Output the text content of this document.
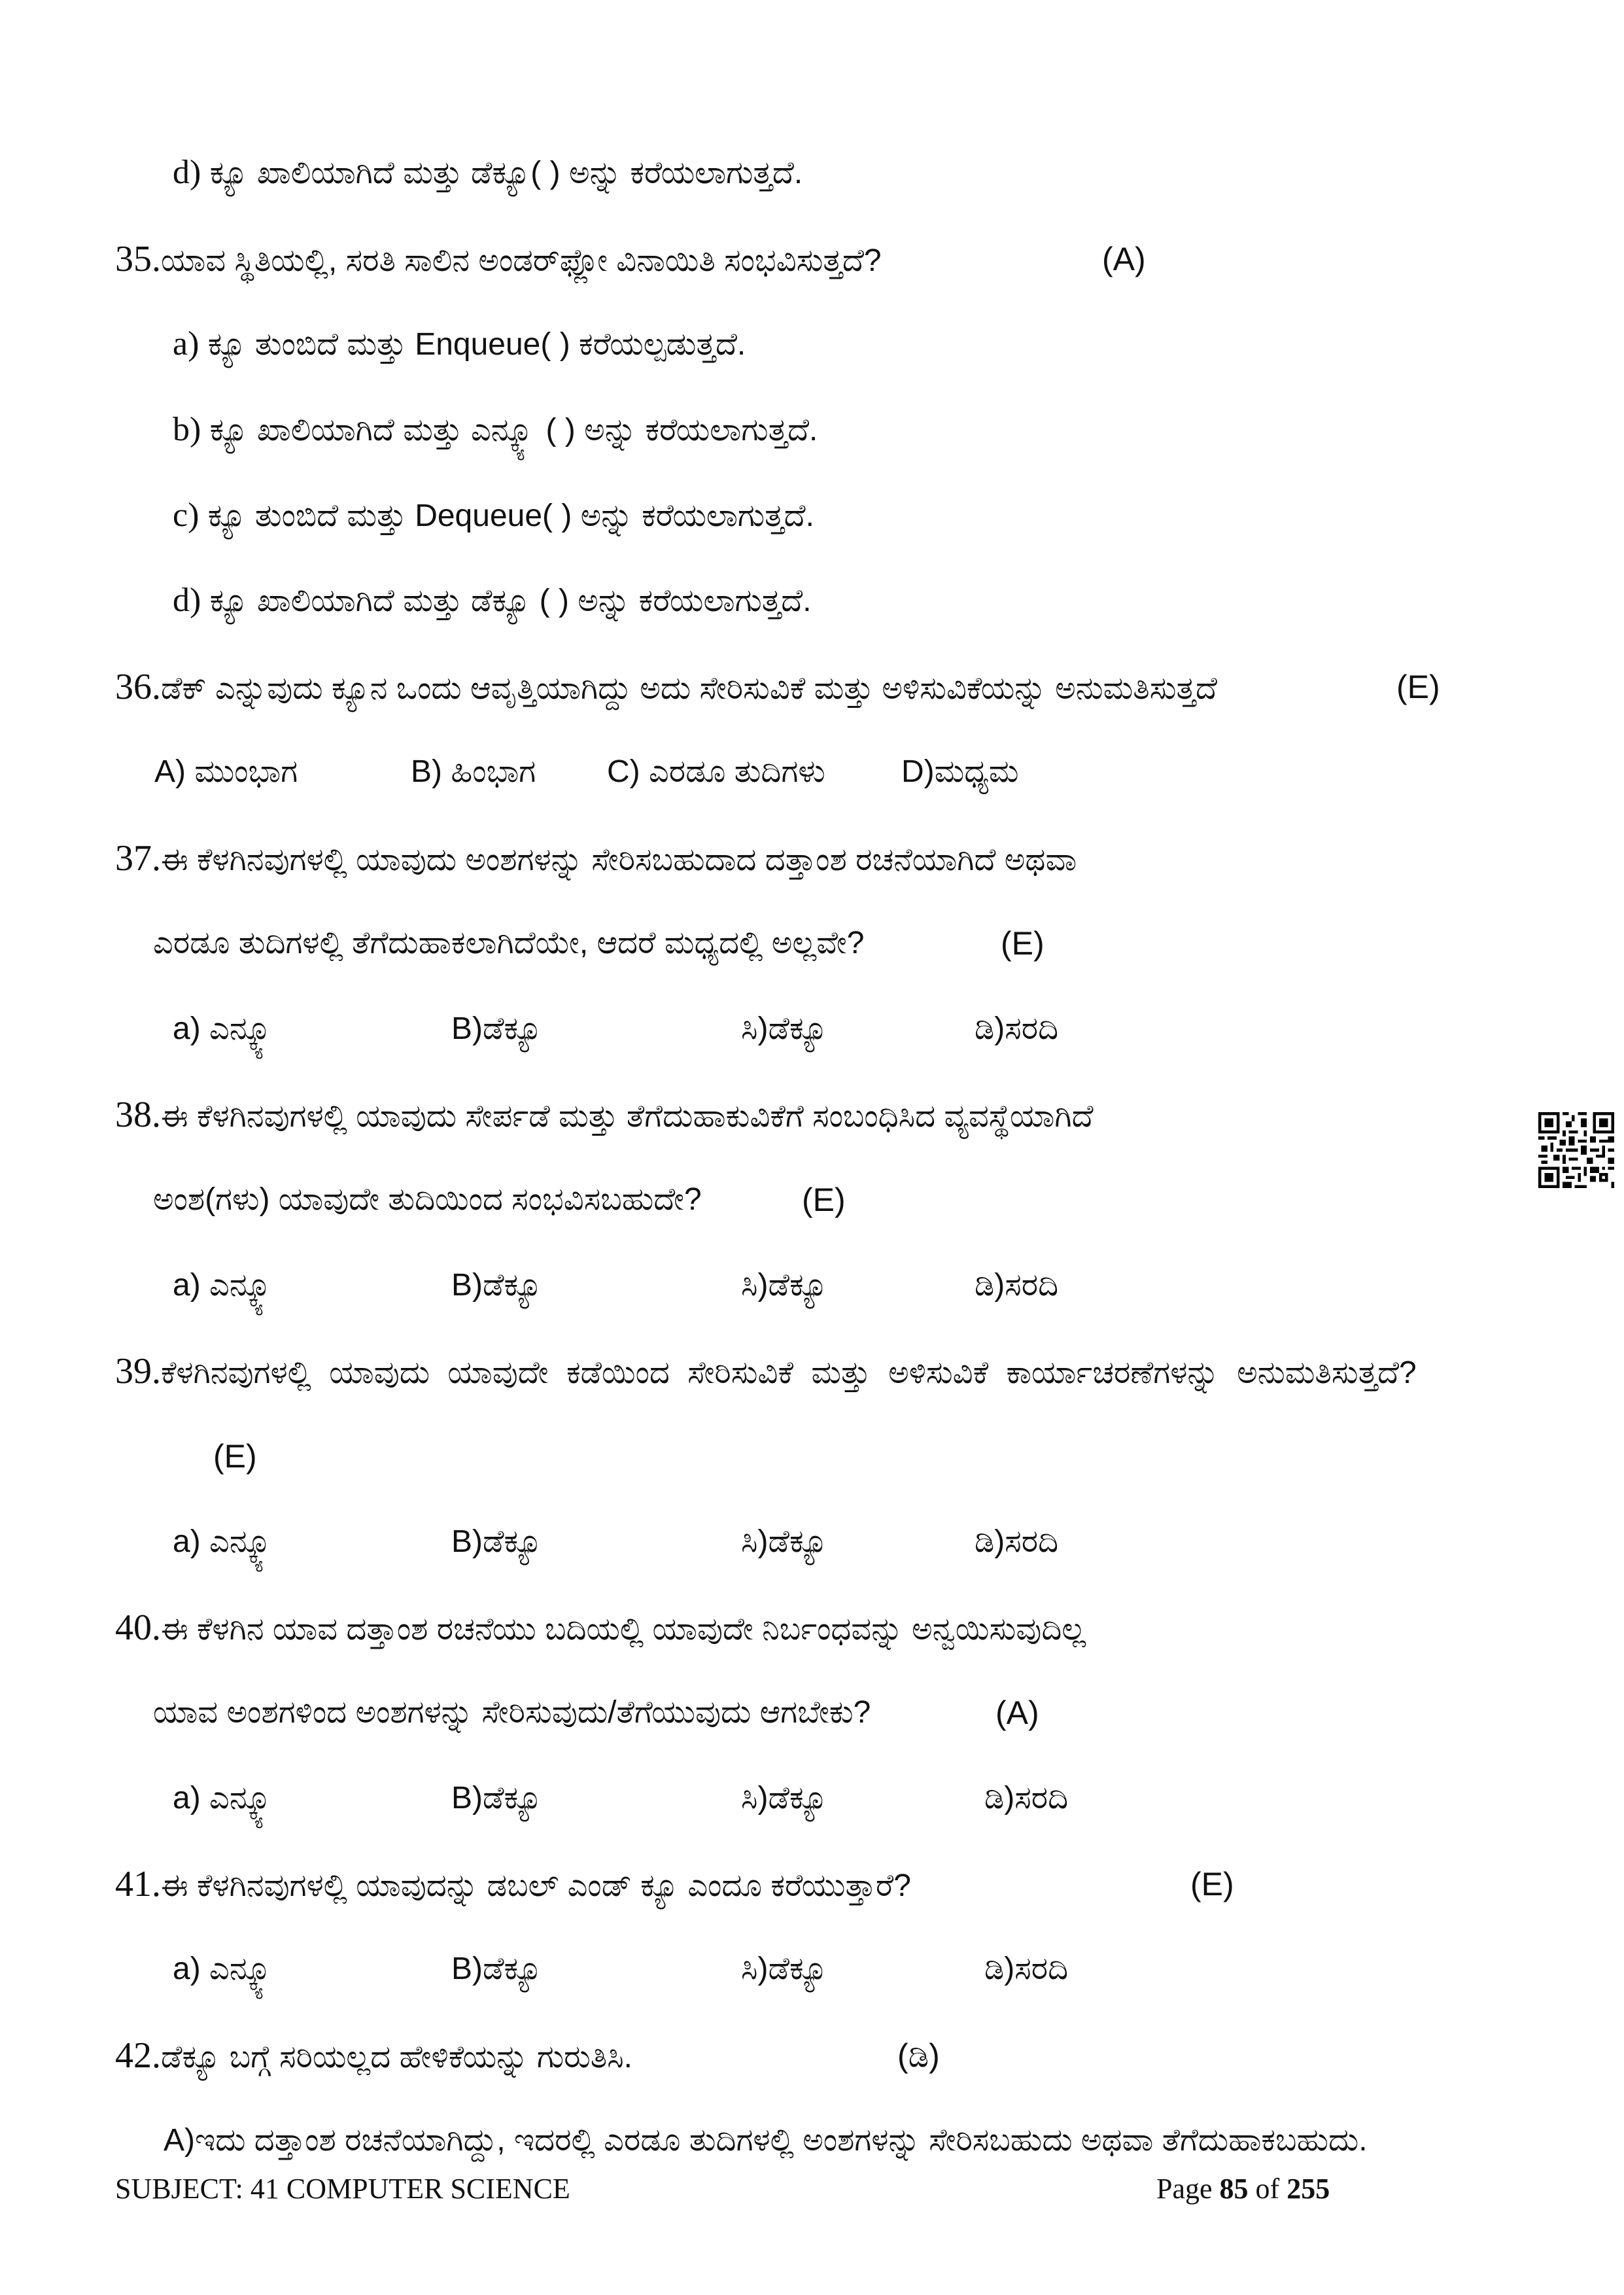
d) ಕ್ಯೂ ಖಾಲಿಯಾಗಿದೆ ಮತ್ತು ಡೆಕ್ಯೂ( ) ಅನ್ನು ಕರೆಯಲಾಗುತ್ತದೆ.
35.ಯಾವ ಸ್ಥಿತಿಯಲ್ಲಿ, ಸರತಿ ಸಾಲಿನ ಅಂಡರ್‌ಫ್ಲೋ ವಿನಾಯಿತಿ ಸಂಭವಿಸುತ್ತದೆ?	(A)
a) ಕ್ಯೂ ತುಂಬಿದೆ ಮತ್ತು Enqueue( ) ಕರೆಯಲ್ಪಡುತ್ತದೆ.
b) ಕ್ಯೂ ಖಾಲಿಯಾಗಿದೆ ಮತ್ತು ಎನ್ಕ್ಯೂ ( ) ಅನ್ನು ಕರೆಯಲಾಗುತ್ತದೆ.
c) ಕ್ಯೂ ತುಂಬಿದೆ ಮತ್ತು Dequeue( ) ಅನ್ನು ಕರೆಯಲಾಗುತ್ತದೆ.
d) ಕ್ಯೂ ಖಾಲಿಯಾಗಿದೆ ಮತ್ತು ಡೆಕ್ಯೂ ( ) ಅನ್ನು ಕರೆಯಲಾಗುತ್ತದೆ.
36.ಡೆಕ್ ಎನ್ನುವುದು ಕ್ಯೂನ ಒಂದು ಆವೃತ್ತಿಯಾಗಿದ್ದು ಅದು ಸೇರಿಸುವಿಕೆ ಮತ್ತು ಅಳಿಸುವಿಕೆಯನ್ನು ಅನುಮತಿಸುತ್ತದೆ	(E)
A) ಮುಂಭಾಗ	B) ಹಿಂಭಾಗ C) ಎರಡೂ ತುದಿಗಳು D)ಮಧ್ಯಮ
37.ಈ ಕೆಳಗಿನವುಗಳಲ್ಲಿ ಯಾವುದು ಅಂಶಗಳನ್ನು ಸೇರಿಸಬಹುದಾದ ದತ್ತಾಂಶ ರಚನೆಯಾಗಿದೆ ಅಥವಾ
ಎರಡೂ ತುದಿಗಳಲ್ಲಿ ತೆಗೆದುಹಾಕಲಾಗಿದೆಯೇ, ಆದರೆ ಮಧ್ಯದಲ್ಲಿ ಅಲ್ಲವೇ?	(E)
a) ಎನ್ಕ್ಯೂ	B)ಡೆಕ್ಯೂ	ಸಿ)ಡೆಕ್ಯೂ	ಡಿ)ಸರದಿ
38.ಈ ಕೆಳಗಿನವುಗಳಲ್ಲಿ ಯಾವುದು ಸೇರ್ಪಡೆ ಮತ್ತು ತೆಗೆದುಹಾಕುವಿಕೆಗೆ ಸಂಬಂಧಿಸಿದ ವ್ಯವಸ್ಥೆಯಾಗಿದೆ
ಅಂಶ(ಗಳು) ಯಾವುದೇ ತುದಿಯಿಂದ ಸಂಭವಿಸಬಹುದೇ?	(E)
a) ಎನ್ಕ್ಯೂ	B)ಡೆಕ್ಯೂ	ಸಿ)ಡೆಕ್ಯೂ	ಡಿ)ಸರದಿ
39.ಕೆಳಗಿನವುಗಳಲ್ಲಿ ಯಾವುದು ಯಾವುದೇ ಕಡೆಯಿಂದ ಸೇರಿಸುವಿಕೆ ಮತ್ತು ಅಳಿಸುವಿಕೆ ಕಾರ್ಯಾಚರಣೆಗಳನ್ನು ಅನುಮತಿಸುತ್ತದೆ?
(E)
a) ಎನ್ಕ್ಯೂ	B)ಡೆಕ್ಯೂ	ಸಿ)ಡೆಕ್ಯೂ	ಡಿ)ಸರದಿ
40.ಈ ಕೆಳಗಿನ ಯಾವ ದತ್ತಾಂಶ ರಚನೆಯು ಬದಿಯಲ್ಲಿ ಯಾವುದೇ ನಿರ್ಬಂಧವನ್ನು ಅನ್ವಯಿಸುವುದಿಲ್ಲ
ಯಾವ ಅಂಶಗಳಿಂದ ಅಂಶಗಳನ್ನು ಸೇರಿಸುವುದು/ತೆಗೆಯುವುದು ಆಗಬೇಕು?	(A)
a) ಎನ್ಕ್ಯೂ	B)ಡೆಕ್ಯೂ	ಸಿ)ಡೆಕ್ಯೂ	ಡಿ)ಸರದಿ
41.ಈ ಕೆಳಗಿನವುಗಳಲ್ಲಿ ಯಾವುದನ್ನು ಡಬಲ್ ಎಂಡ್ ಕ್ಯೂ ಎಂದೂ ಕರೆಯುತ್ತಾರೆ?	(E)
a) ಎನ್ಕ್ಯೂ	B)ಡೆಕ್ಯೂ	ಸಿ)ಡೆಕ್ಯೂ	ಡಿ)ಸರದಿ
42.ಡೆಕ್ಯೂ ಬಗ್ಗೆ ಸರಿಯಲ್ಲದ ಹೇಳಿಕೆಯನ್ನು ಗುರುತಿಸಿ.	(ಡಿ)
A)ಇದು ದತ್ತಾಂಶ ರಚನೆಯಾಗಿದ್ದು, ಇದರಲ್ಲಿ ಎರಡೂ ತುದಿಗಳಲ್ಲಿ ಅಂಶಗಳನ್ನು ಸೇರಿಸಬಹುದು ಅಥವಾ ತೆಗೆದುಹಾಕಬಹುದು.
SUBJECT: 41 COMPUTER SCIENCE	Page 85 of 255
